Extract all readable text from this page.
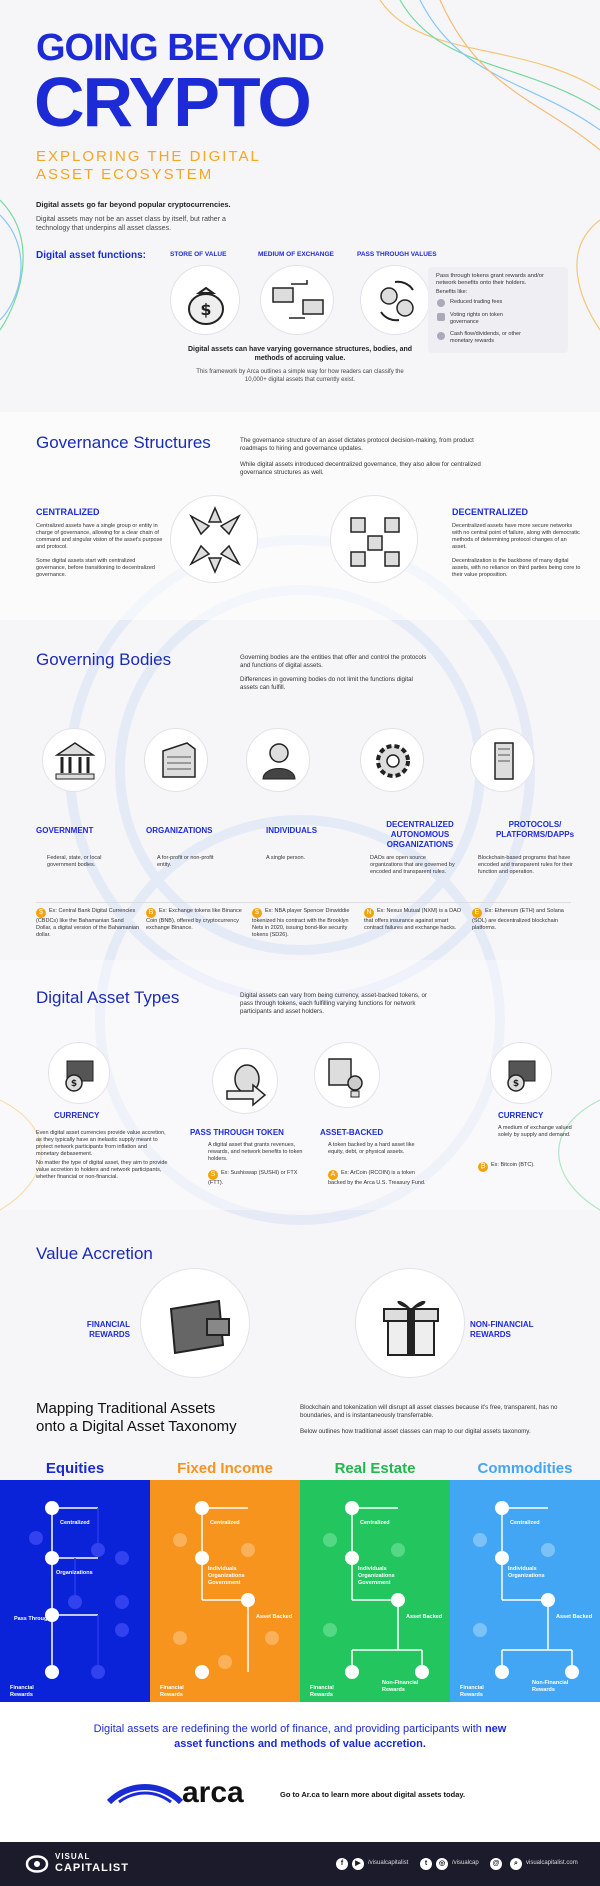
GOING BEYOND
CRYPTO
EXPLORING THE DIGITAL
ASSET ECOSYSTEM
Digital assets go far beyond popular cryptocurrencies.
Digital assets may not be an asset class by itself, but rather a technology that underpins all asset classes.
Digital asset functions:	STORE OF VALUE	MEDIUM OF EXCHANGE	PASS THROUGH VALUES
$
Pass through tokens grant rewards and/or network benefits onto their holders.
Benefits like:
Reduced trading fees
Voting rights on token governance
Cash flow/dividends, or other monetary rewards
Digital assets can have varying governance structures, bodies, and methods of accruing value.
This framework by Arca outlines a simple way for how readers can classify the 10,000+ digital assets that currently exist.
Governance Structures	The governance structure of an asset dictates protocol decision-making, from product roadmaps to hiring and governance updates.
While digital assets introduced decentralized governance, they also allow for centralized governance structures as well.
CENTRALIZED
Centralized assets have a single group or entity in charge of governance, allowing for a clear chain of command and singular vision of the asset's purpose and protocol.
Some digital assets start with centralized governance, before transitioning to decentralized governance.
DECENTRALIZED
Decentralized assets have more secure networks with no central point of failure, along with democratic methods of determining protocol changes of an asset.
Decentralization is the backbone of many digital assets, with no reliance on third parties being core to their value proposition.
Governing Bodies	Governing bodies are the entities that offer and control the protocols and functions of digital assets.
Differences in governing bodies do not limit the functions digital assets can fulfill.
GOVERNMENT	ORGANIZATIONS	INDIVIDUALS
DECENTRALIZED AUTONOMOUS ORGANIZATIONS
PROTOCOLS/ PLATFORMS/DAPPs
Federal, state, or local government bodies.
A for-profit or non-profit entity.
A single person.	DAOs are open source organizations that are governed by encoded and transparent rules.
Blockchain-based programs that have encoded and transparent rules for their function and operation.
$ Ex: Central Bank Digital Currencies (CBDCs) like the Bahamanian Sand Dollar, a digital version of the Bahamanian dollar.
B Ex: Exchange tokens like Binance Coin (BNB), offered by cryptocurrency exchange Binance.
$ Ex: NBA player Spencer Dinwiddie tokenized his contract with the Brooklyn Nets in 2020, issuing bond-like security tokens (SD26).
N Ex: Nexus Mutual (NXM) is a DAO that offers insurance against smart contract failures and exchange hacks.
E Ex: Ethereum (ETH) and Solana (SOL) are decentralized blockchain platforms.
Digital Asset Types	Digital assets can vary from being currency, asset-backed tokens, or pass through tokens, each fulfilling varying functions for network participants and asset holders.
$	$
CURRENCY
Even digital asset currencies provide value accretion, as they typically have an inelastic supply meant to protect network participants from inflation and monetary debasement.
No matter the type of digital asset, they aim to provide value accretion to holders and network participants, whether financial or non-financial.
PASS THROUGH TOKEN
A digital asset that grants revenues, rewards, and network benefits to token holders.
S Ex: Sushiswap (SUSHI) or FTX (FTT).
ASSET-BACKED
A token backed by a hard asset like equity, debt, or physical assets.
A Ex: ArCoin (RCOIN) is a token backed by the Arca U.S. Treasury Fund.
CURRENCY
A medium of exchange valued solely by supply and demand.
₿ Ex: Bitcoin (BTC).
Value Accretion
FINANCIAL REWARDS
NON-FINANCIAL REWARDS
Mapping Traditional Assets
onto a Digital Asset Taxonomy
Blockchain and tokenization will disrupt all asset classes because it's free, transparent, has no boundaries, and is instantaneously transferrable.
Below outlines how traditional asset classes can map to our digital assets taxonomy.
Equities	Fixed Income	Real Estate	Commodities
Centralized
Organizations
Pass Through
Financial Rewards
Centralized
Individuals Organizations Government
Asset Backed
Financial Rewards
Centralized
Individuals Organizations Government
Asset Backed
Financial Rewards
Non-Financial Rewards
Centralized
Individuals Organizations
Asset Backed
Financial Rewards
Non-Financial Rewards
Digital assets are redefining the world of finance, and providing participants with new asset functions and methods of value accretion.
arca	Go to Ar.ca to learn more about digital assets today.
VISUAL
CAPITALIST	f	▶	/visualcapitalist	t	◎	/visualcap	@	⌕	visualcapitalist.com
